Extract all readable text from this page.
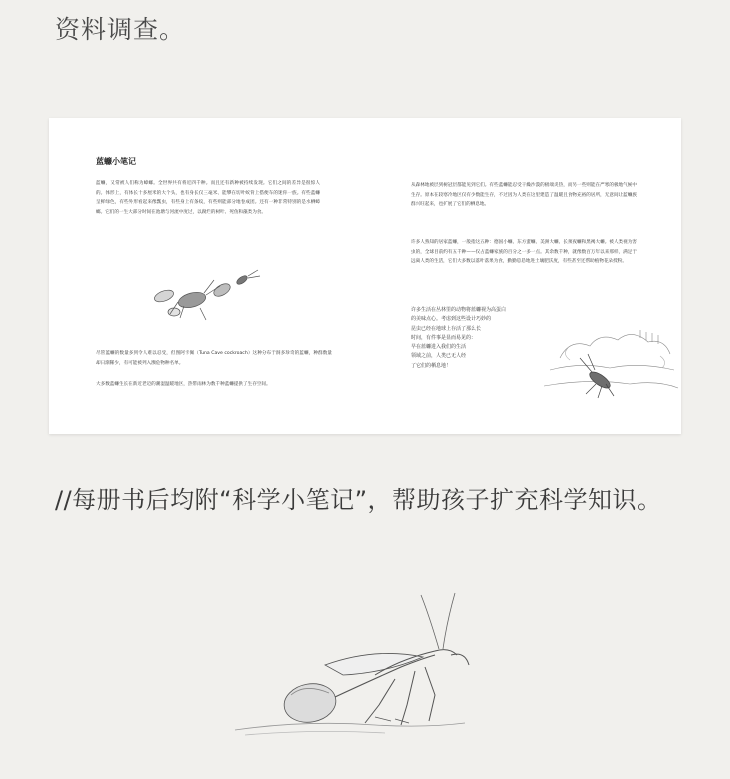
资料调查。
蓝蠊小笔记

蓝蠊，又常被人们称为蟑螂。全世界共有将近四千种。而且还有新种被持续发现。它们之间的差异是很惊人的。体形上，有体长十多厘米的大个头，也有身长仅三毫米、能攀在切叶蚁背上搭便车的迷你一族。有些蓝蠊呈鲜绿色，有些外形看起来像瓢虫，有些身上有条纹，有些则能部分地卷成团。还有一种非常特别的是水栖蟑螂。它们的一生大部分时间在池塘与河流中度过，以腐烂的树叶、死鱼和藻类为食。

尽管蓝蠊的数量多到令人难以忍受，但图阿卡佩（Tuna Cave cockroach）这种分布于洞多珍奇的蓝蠊，种群数量却日渐稀少，有可能被列入濒危物种名单。

大多数蓝蠊生长在新近老迈的潮湿温暖地区，热带雨林为数千种蓝蠊提供了生存空间。

从森林地被层到树冠层都能见到它们。有些蓝蠊能忍受干燥沙漠的极端炎热，而另一些则能在严寒的极地气候中生存。原本在较寒冷地区仅有少数能生存，不过因为人类在这里建造了温暖且食物充裕的居所，无意间让蓝蠊族群兴旺起来，也扩展了它们的栖息地。

许多人熟知的居家蓝蠊，一般指这五种：德国小蠊、东方蜚蠊、美洲大蠊、长须夜蠊和黑褐大蠊。被人类视为害虫的，全球目前约有五千种——仅占蓝蠊家族的百分之一多一点。其余数千种，就像数百万年以来那样，满足于远离人类的生活，它们大多数以落叶落果为食，勤勤恳恳地进土壤肥沃度，有些甚至还帮助植物花朵授粉。

许多生活在丛林里的动物将蓝蠊视为高蛋白
的美味点心。考虑到这些设计巧妙的
昆虫已经在地球上存活了那么长
时间，有件事是显而易见的：
早在蓝蠊进入我们的生活
领域之前，人类已无人经
了它们的栖息地！
//每册书后均附“科学小笔记”，帮助孩子扩充科学知识。
